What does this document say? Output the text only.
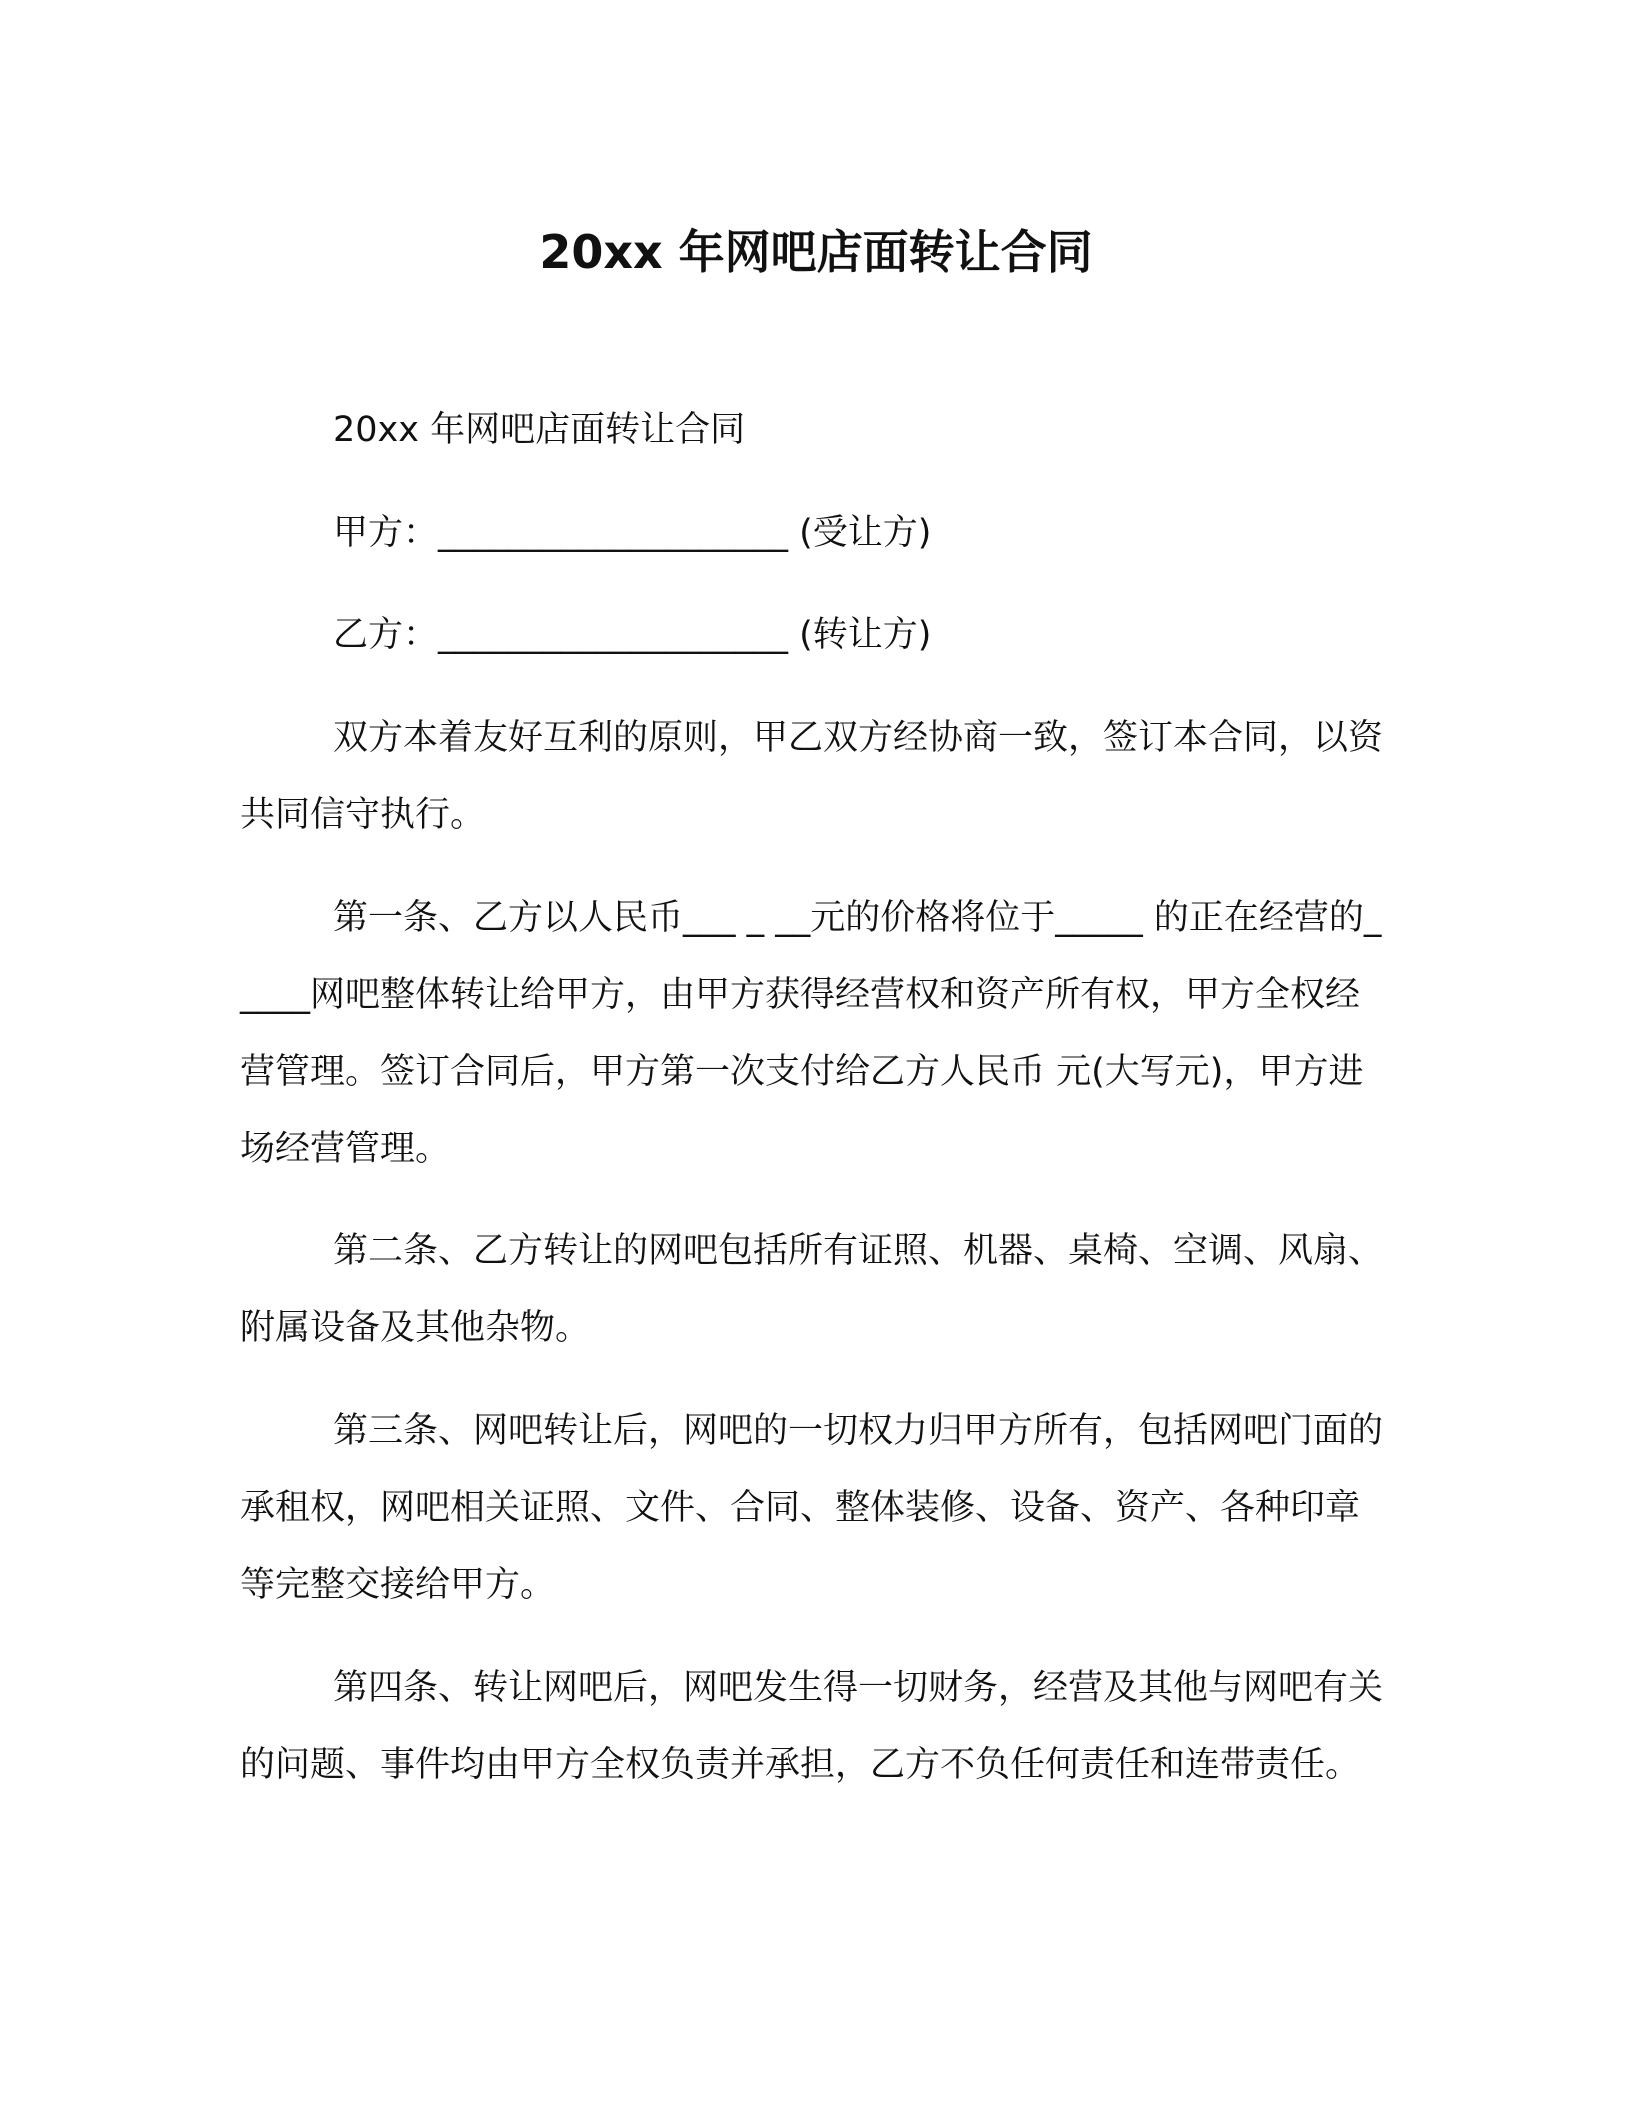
20xx 年网吧店面转让合同
20xx 年网吧店面转让合同
甲方：____________________ (受让方)
乙方：____________________ (转让方)
双方本着友好互利的原则，甲乙双方经协商一致，签订本合同，以资共同信守执行。
第一条、乙方以人民币___ _ __元的价格将位于_____ 的正在经营的_____网吧整体转让给甲方，由甲方获得经营权和资产所有权，甲方全权经营管理。签订合同后，甲方第一次支付给乙方人民币 元(大写元)，甲方进场经营管理。
第二条、乙方转让的网吧包括所有证照、机器、桌椅、空调、风扇、附属设备及其他杂物。
第三条、网吧转让后，网吧的一切权力归甲方所有，包括网吧门面的承租权，网吧相关证照、文件、合同、整体装修、设备、资产、各种印章等完整交接给甲方。
第四条、转让网吧后，网吧发生得一切财务，经营及其他与网吧有关的问题、事件均由甲方全权负责并承担，乙方不负任何责任和连带责任。
